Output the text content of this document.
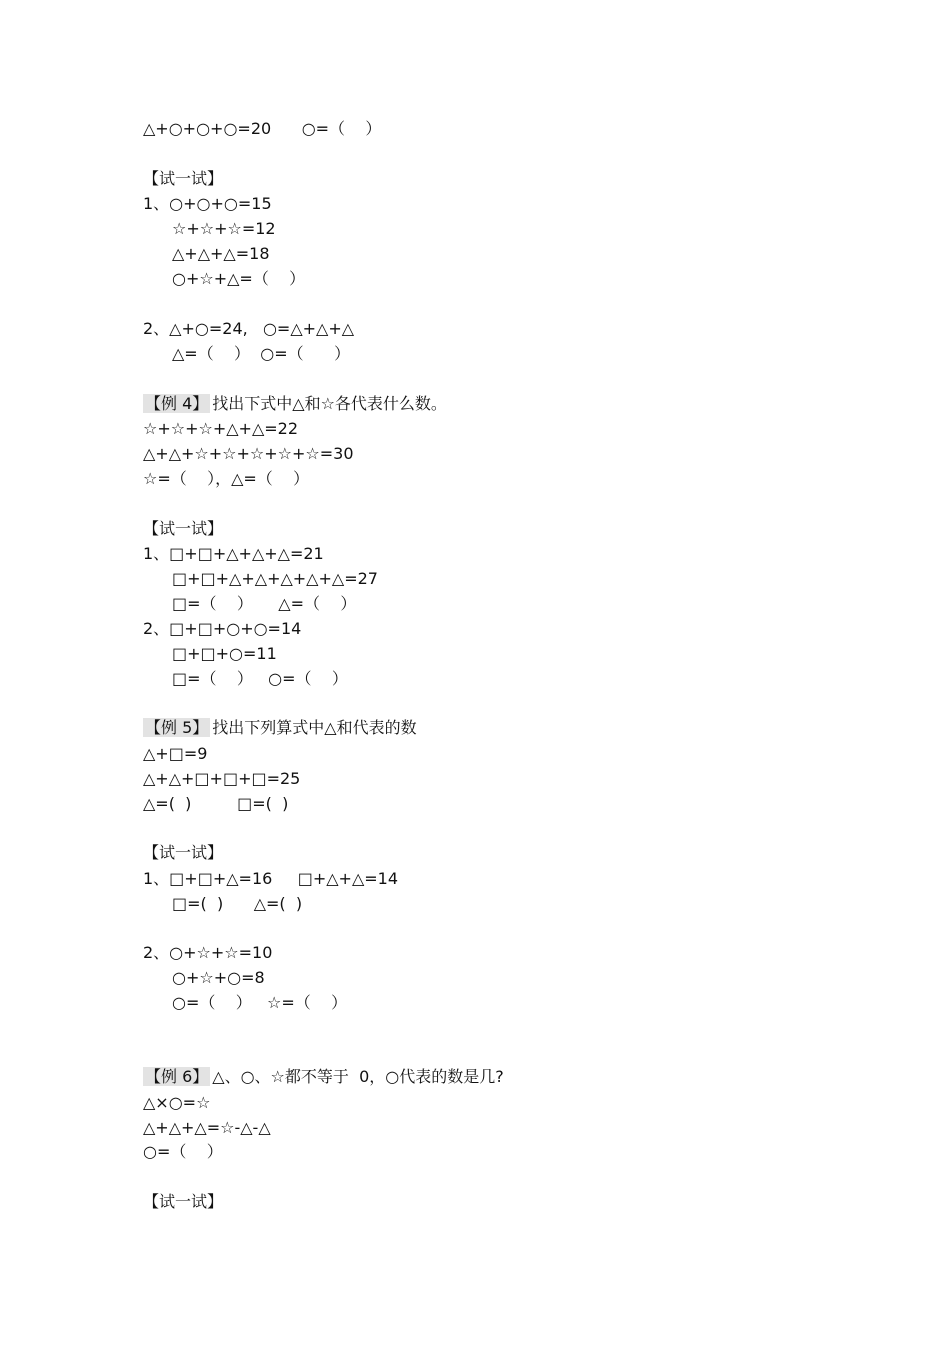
△+○+○+○=20      ○=（    ）
【试一试】
1、○+○+○=15
☆+☆+☆=12
△+△+△=18
○+☆+△=（    ）
2、△+○=24,   ○=△+△+△
△=（    ）  ○=（      ）
【例 4】 找出下式中△和☆各代表什么数。
☆+☆+☆+△+△=22
△+△+☆+☆+☆+☆+☆=30
☆=（    ），△=（    ）
【试一试】
1、□+□+△+△+△=21
□+□+△+△+△+△+△=27
□=（    ）     △=（    ）
2、□+□+○+○=14
□+□+○=11
□=（    ）   ○=（    ）
【例 5】 找出下列算式中△和代表的数
△+□=9
△+△+□+□+□=25
△=(  )         □=(  )
【试一试】
1、□+□+△=16     □+△+△=14
□=(  )      △=(  )
2、○+☆+☆=10
○+☆+○=8
○=（    ）   ☆=（    ）
【例 6】 △、○、☆都不等于  0，○代表的数是几?
△×○=☆
△+△+△=☆-△-△
○=（    ）
【试一试】
